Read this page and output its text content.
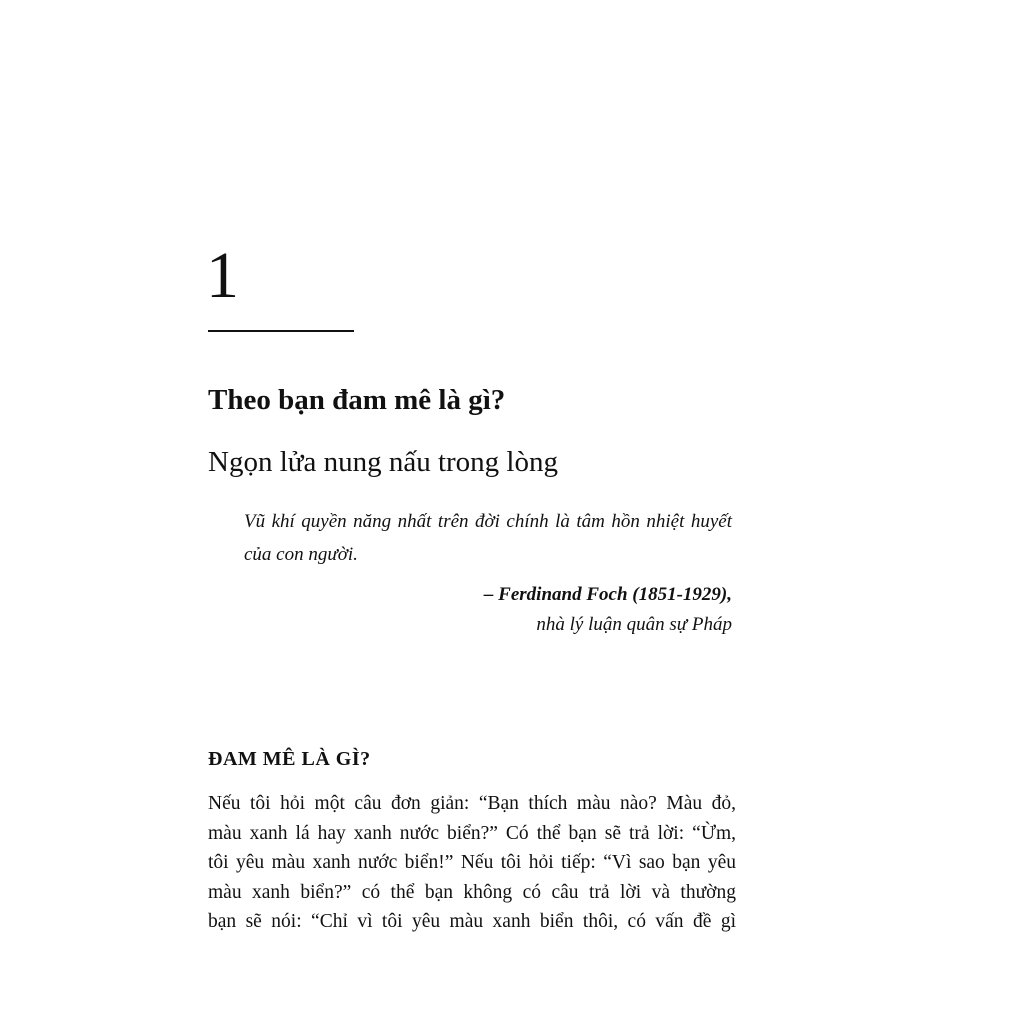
1
Theo bạn đam mê là gì?
Ngọn lửa nung nấu trong lòng

Vũ khí quyền năng nhất trên đời chính là tâm hồn nhiệt huyết của con người.

– Ferdinand Foch (1851-1929),

nhà lý luận quân sự Pháp

ĐAM MÊ LÀ GÌ?

Nếu tôi hỏi một câu đơn giản: “Bạn thích màu nào? Màu đỏ,
màu xanh lá hay xanh nước biển?” Có thể bạn sẽ trả lời: “Ừm,
tôi yêu màu xanh nước biển!” Nếu tôi hỏi tiếp: “Vì sao bạn yêu
màu xanh biển?” có thể bạn không có câu trả lời và thường
bạn sẽ nói: “Chỉ vì tôi yêu màu xanh biển thôi, có vấn đề gì
